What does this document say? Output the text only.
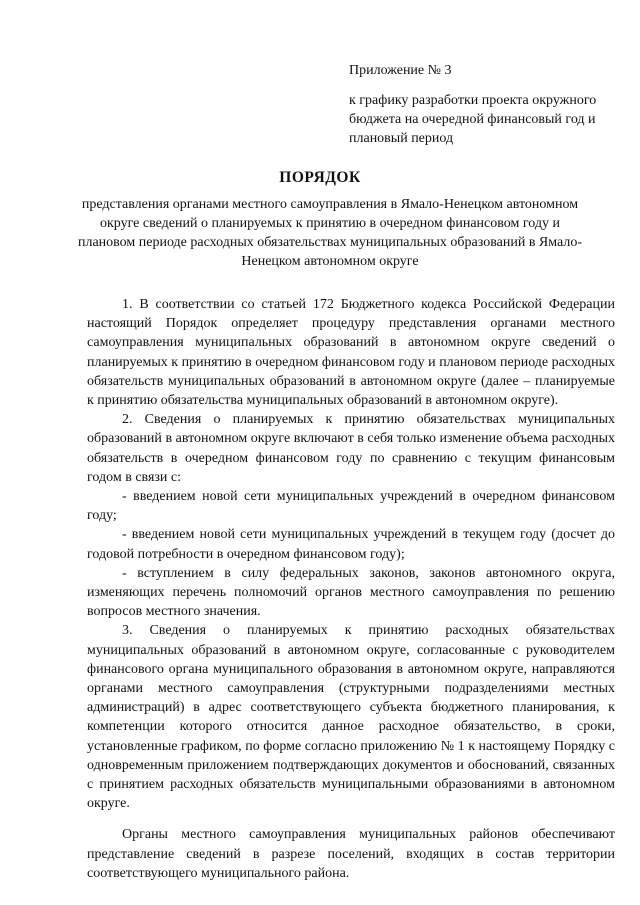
Приложение № 3
к графику разработки проекта окружного бюджета на очередной финансовый год и плановый период
ПОРЯДОК
представления органами местного самоуправления в Ямало-Ненецком автономном округе сведений о планируемых к принятию в очередном финансовом году и плановом периоде расходных обязательствах муниципальных образований в Ямало-Ненецком автономном округе

1. В соответствии со статьей 172 Бюджетного кодекса Российской Федерации настоящий Порядок определяет процедуру представления органами местного самоуправления муниципальных образований в автономном округе сведений о планируемых к принятию в очередном финансовом году и плановом периоде расходных обязательств муниципальных образований в автономном округе (далее – планируемые к принятию обязательства муниципальных образований в автономном округе).

2. Сведения о планируемых к принятию обязательствах муниципальных образований в автономном округе включают в себя только изменение объема расходных обязательств в очередном финансовом году по сравнению с текущим финансовым годом в связи с:

- введением новой сети муниципальных учреждений в очередном финансовом году;

- введением новой сети муниципальных учреждений в текущем году (досчет до годовой потребности в очередном финансовом году);

- вступлением в силу федеральных законов, законов автономного округа, изменяющих перечень полномочий органов местного самоуправления по решению вопросов местного значения.

3. Сведения о планируемых к принятию расходных обязательствах муниципальных образований в автономном округе, согласованные с руководителем финансового органа муниципального образования в автономном округе, направляются органами местного самоуправления (структурными подразделениями местных администраций) в адрес соответствующего субъекта бюджетного планирования, к компетенции которого относится данное расходное обязательство, в сроки, установленные графиком, по форме согласно приложению № 1 к настоящему Порядку с одновременным приложением подтверждающих документов и обоснований, связанных с принятием расходных обязательств муниципальными образованиями в автономном округе.

Органы местного самоуправления муниципальных районов обеспечивают представление сведений в разрезе поселений, входящих в состав территории соответствующего муниципального района.
